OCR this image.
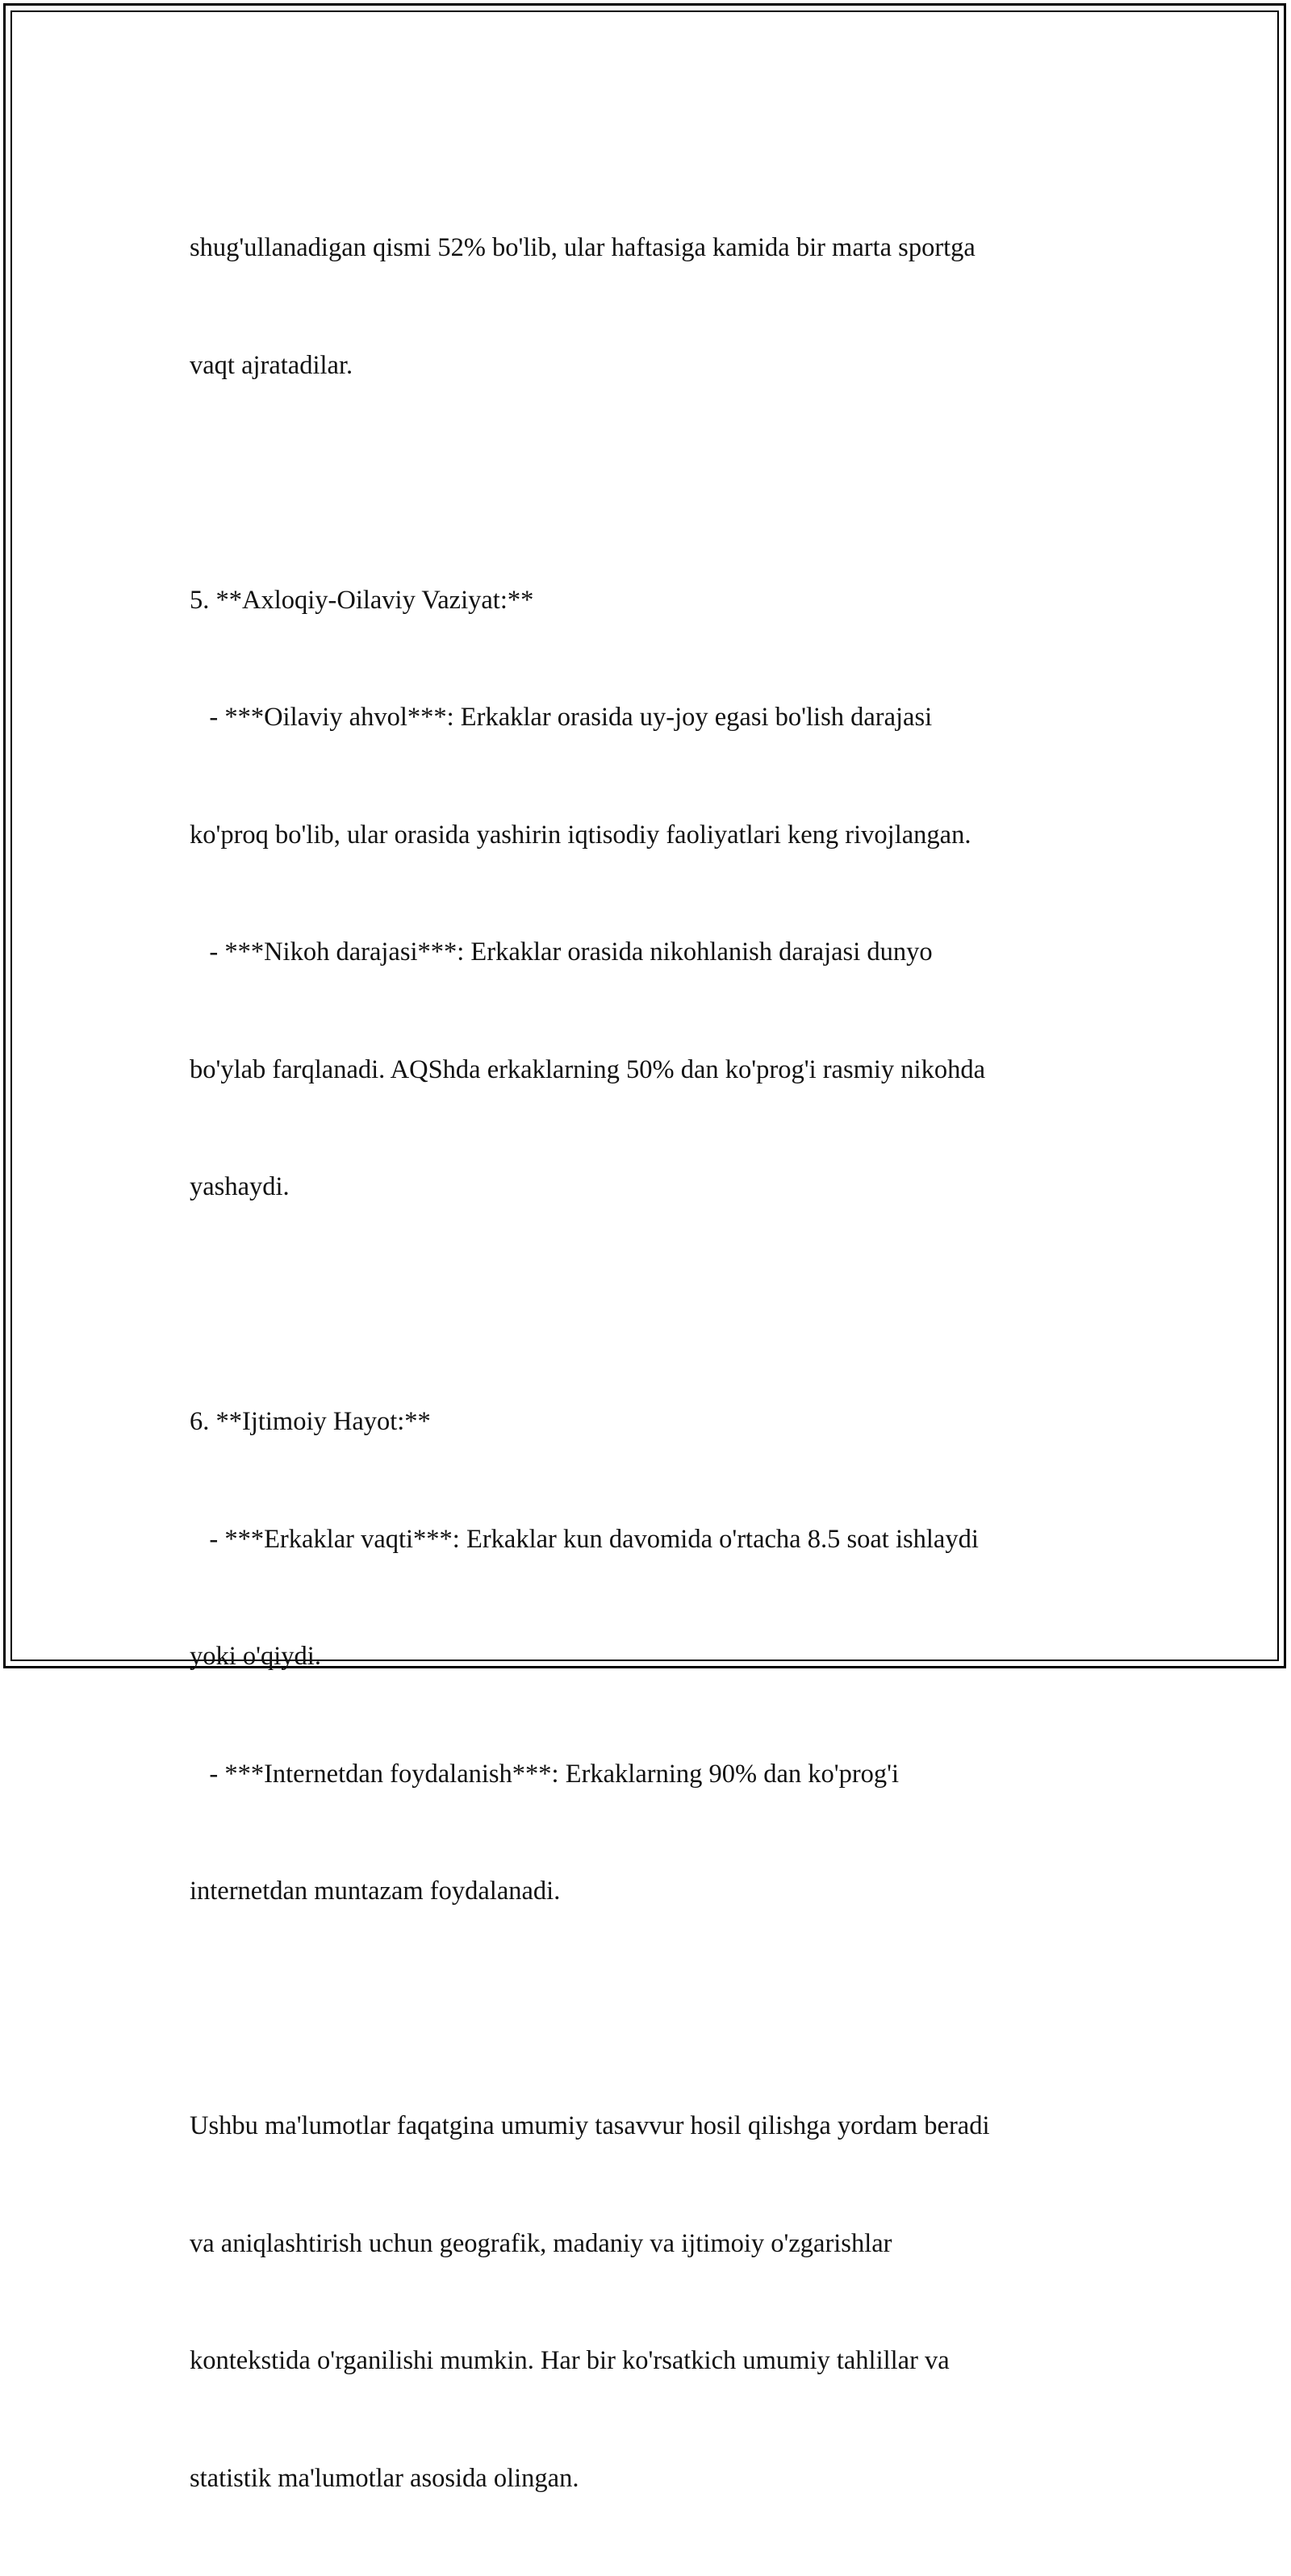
shug'ullanadigan qismi 52% bo'lib, ular haftasiga kamida bir marta sportga

vaqt ajratadilar.

5. **Axloqiy-Oilaviy Vaziyat:**

- ***Oilaviy ahvol***: Erkaklar orasida uy-joy egasi bo'lish darajasi

ko'proq bo'lib, ular orasida yashirin iqtisodiy faoliyatlari keng rivojlangan.

- ***Nikoh darajasi***: Erkaklar orasida nikohlanish darajasi dunyo

bo'ylab farqlanadi. AQShda erkaklarning 50% dan ko'prog'i rasmiy nikohda

yashaydi.

6. **Ijtimoiy Hayot:**

- ***Erkaklar vaqti***: Erkaklar kun davomida o'rtacha 8.5 soat ishlaydi

yoki o'qiydi.

- ***Internetdan foydalanish***: Erkaklarning 90% dan ko'prog'i

internetdan muntazam foydalanadi.

Ushbu ma'lumotlar faqatgina umumiy tasavvur hosil qilishga yordam beradi

va aniqlashtirish uchun geografik, madaniy va ijtimoiy o'zgarishlar

kontekstida o'rganilishi mumkin. Har bir ko'rsatkich umumiy tahlillar va

statistik ma'lumotlar asosida olingan.
